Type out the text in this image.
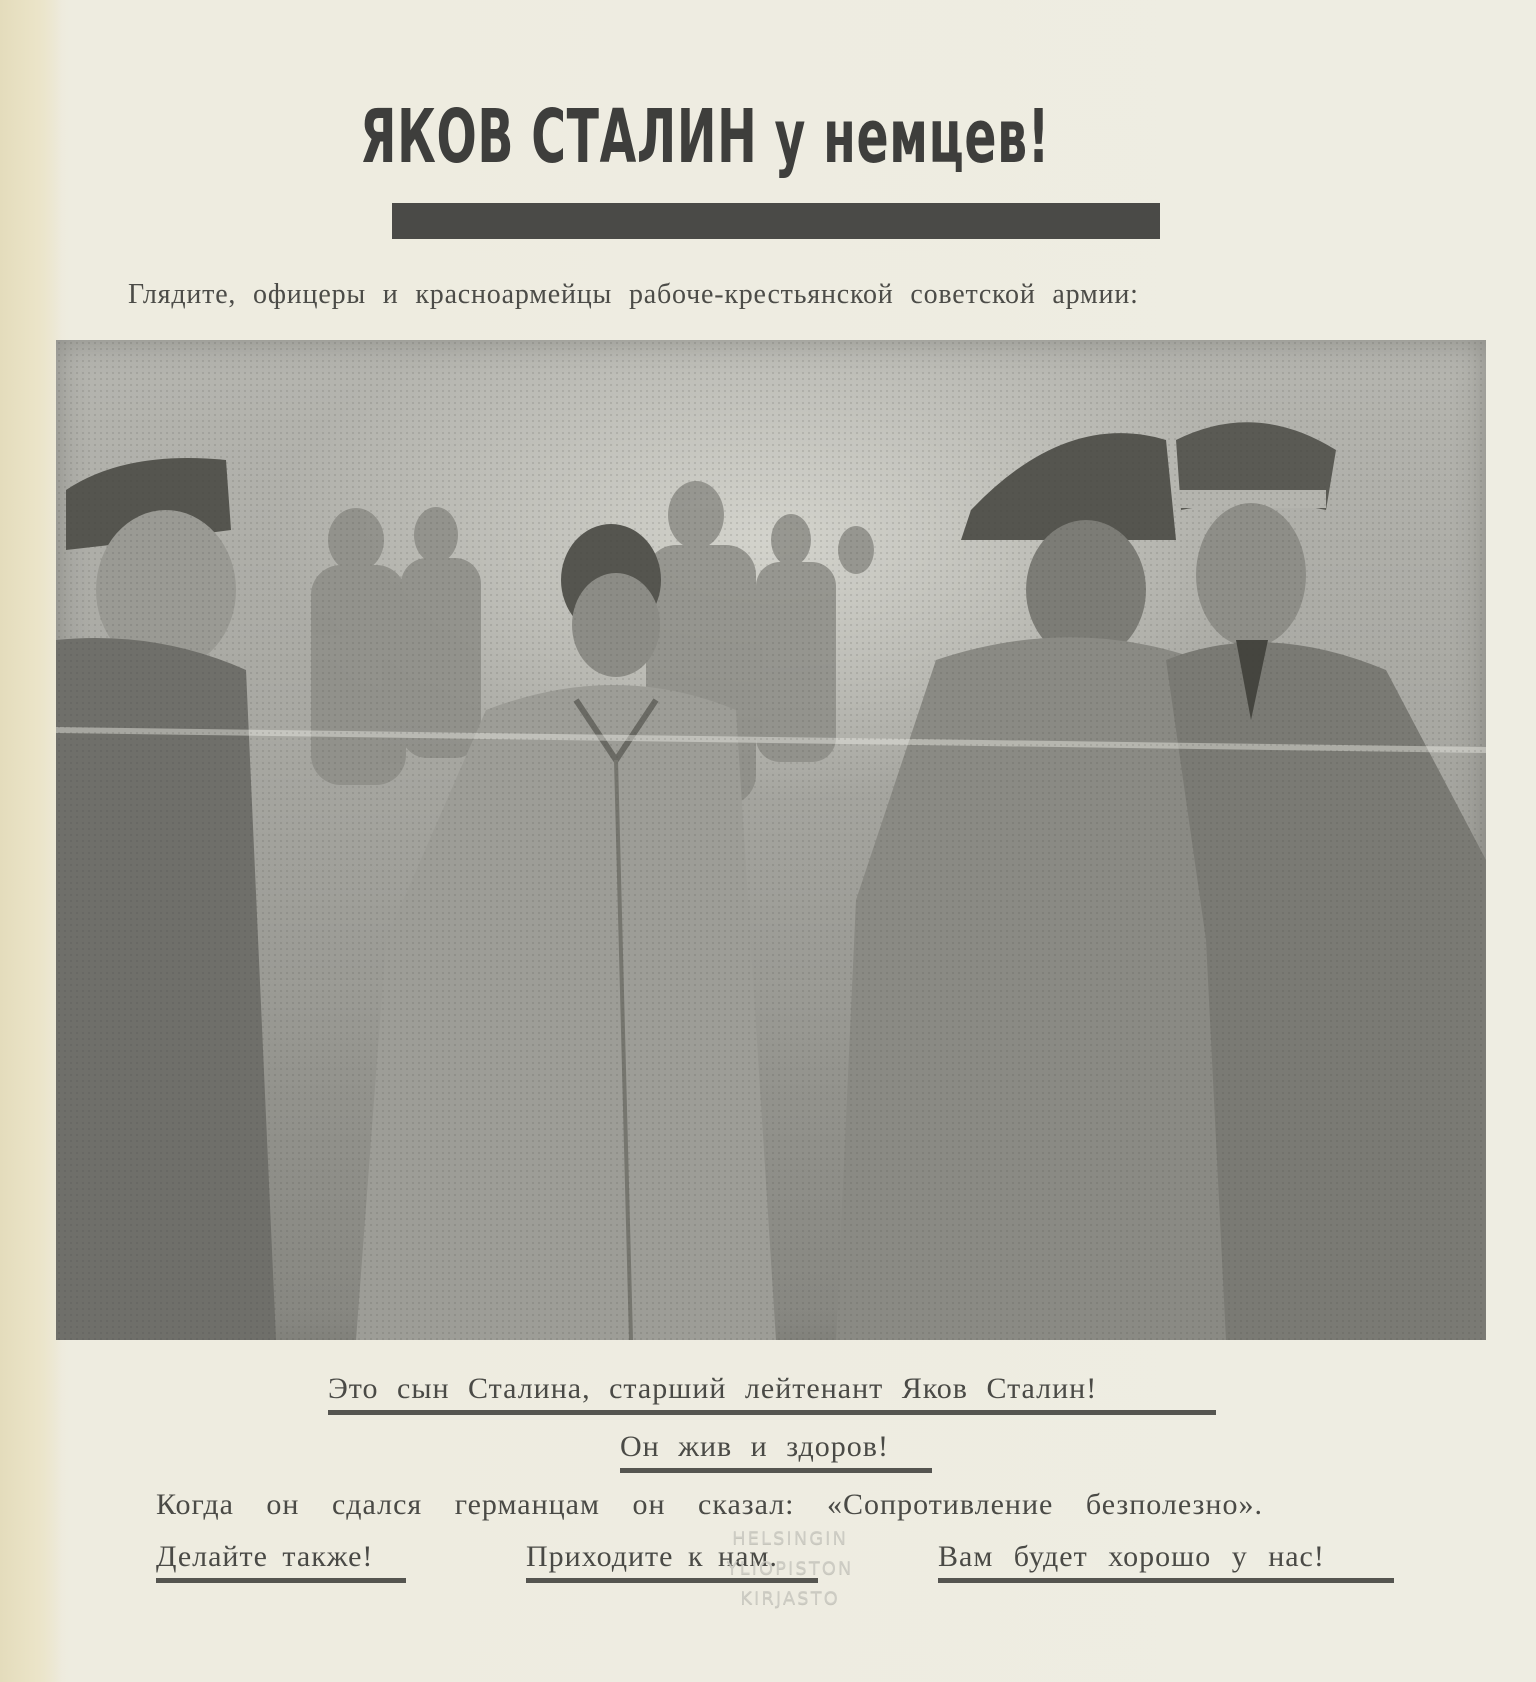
ЯКОВ СТАЛИН у немцев!
Глядите, офицеры и красноармейцы рабоче-крестьянской советской армии:
Это сын Сталина, старший лейтенант Яков Сталин!
Он жив и здоров!
Когда он сдался германцам он сказал: «Сопротивление безполезно».
Делайте также!	Приходите к нам.	Вам будет хорошо у нас!
HELSINGIN
YLIOPISTON
KIRJASTO
